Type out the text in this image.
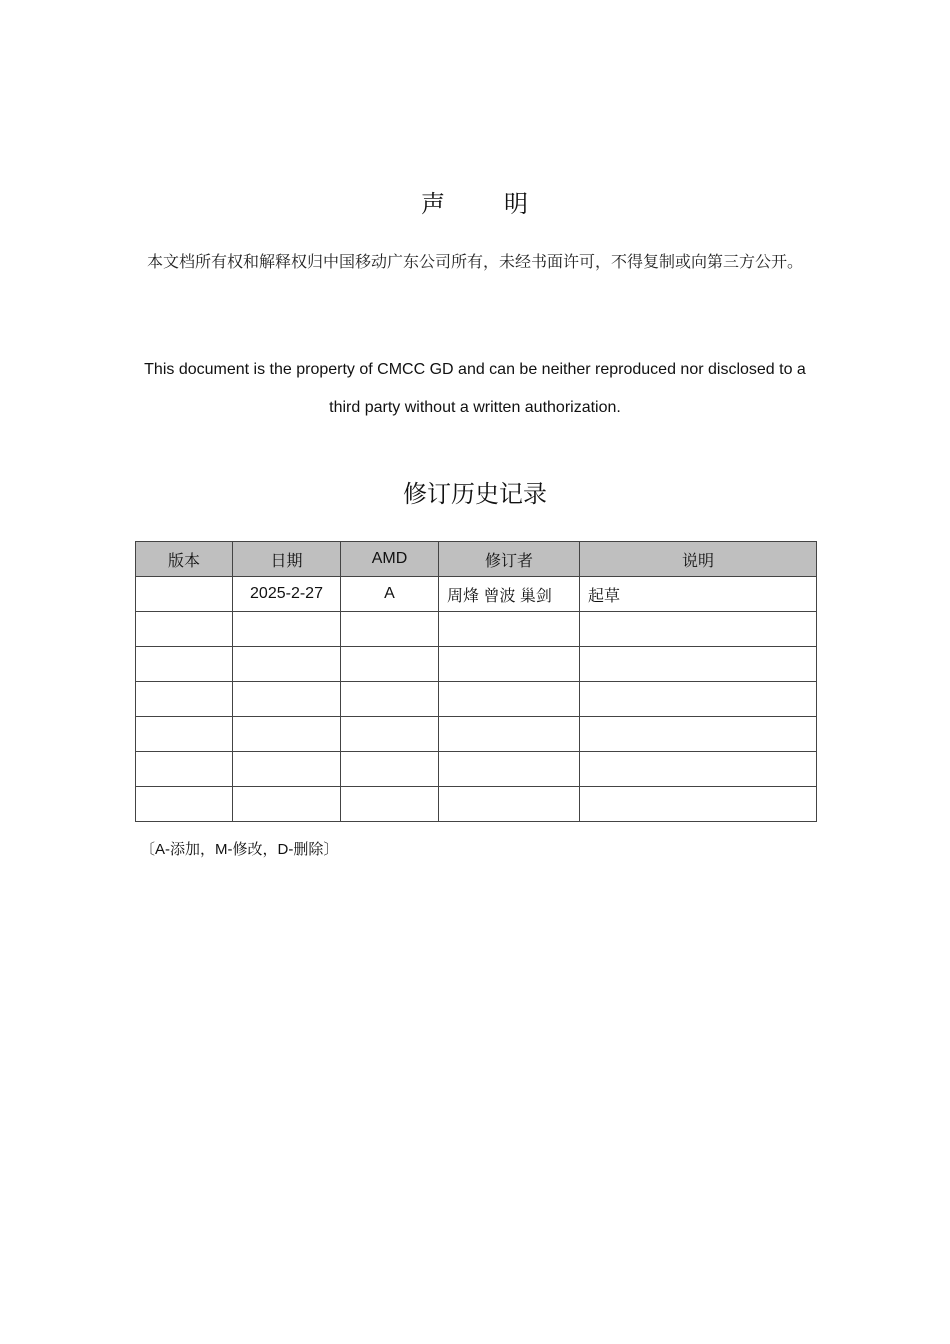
声 明
本文档所有权和解释权归中国移动广东公司所有，未经书面许可，不得复制或向第三方公开。
This document is the property of CMCC GD and can be neither reproduced nor disclosed to a third party without a written authorization.
修订历史记录
版本	日期	AMD	修订者	说明
	2025-2-27	A	周烽 曾波 巢剑	起草

〔A-添加，M-修改，D-删除〕
